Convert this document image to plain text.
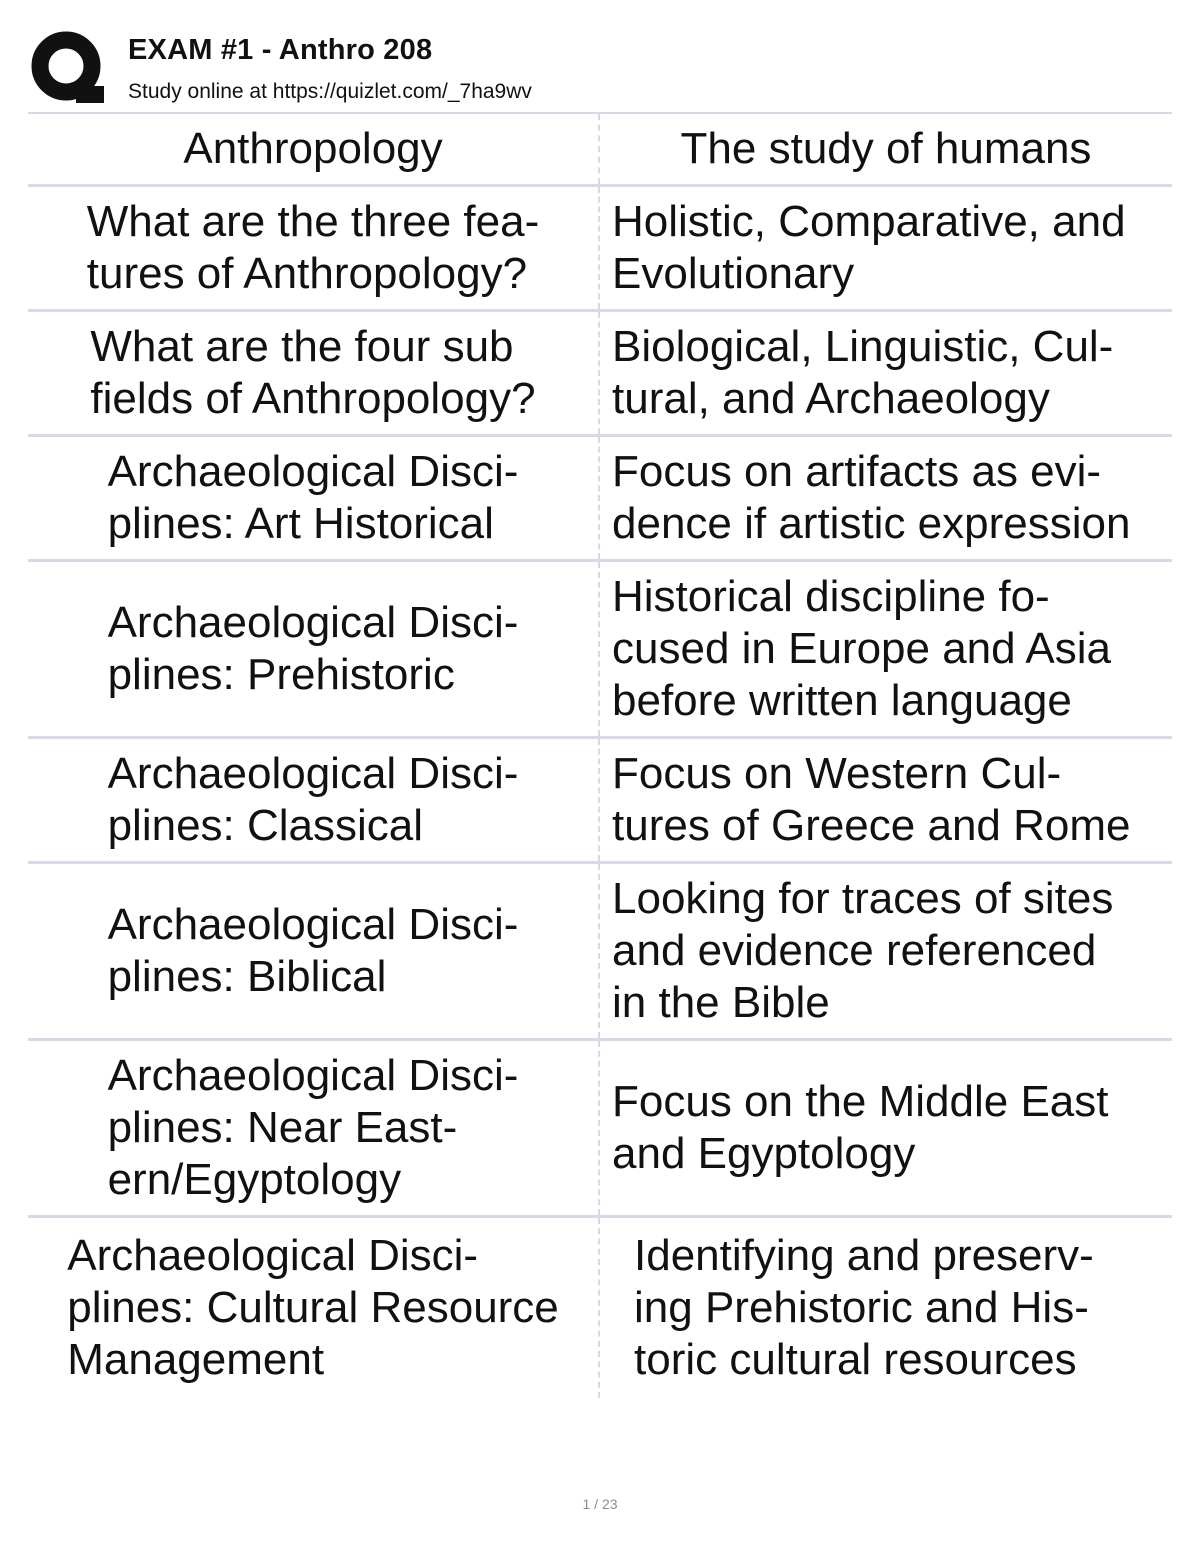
EXAM #1 - Anthro 208
Study online at https://quizlet.com/_7ha9wv
Anthropology	The study of humans
What are the three fea-
tures of Anthropology?
Holistic, Comparative, and
Evolutionary
What are the four sub
fields of Anthropology?
Biological, Linguistic, Cul-
tural, and Archaeology
Archaeological Disci-
plines: Art Historical
Focus on artifacts as evi-
dence if artistic expression
Archaeological Disci-
plines: Prehistoric
Historical discipline fo-
cused in Europe and Asia
before written language
Archaeological Disci-
plines: Classical
Focus on Western Cul-
tures of Greece and Rome
Archaeological Disci-
plines: Biblical
Looking for traces of sites
and evidence referenced
in the Bible
Archaeological Disci-
plines: Near East-
ern/Egyptology
Focus on the Middle East
and Egyptology
Archaeological Disci-
plines: Cultural Resource
Management
Identifying and preserv-
ing Prehistoric and His-
toric cultural resources
1 / 23
